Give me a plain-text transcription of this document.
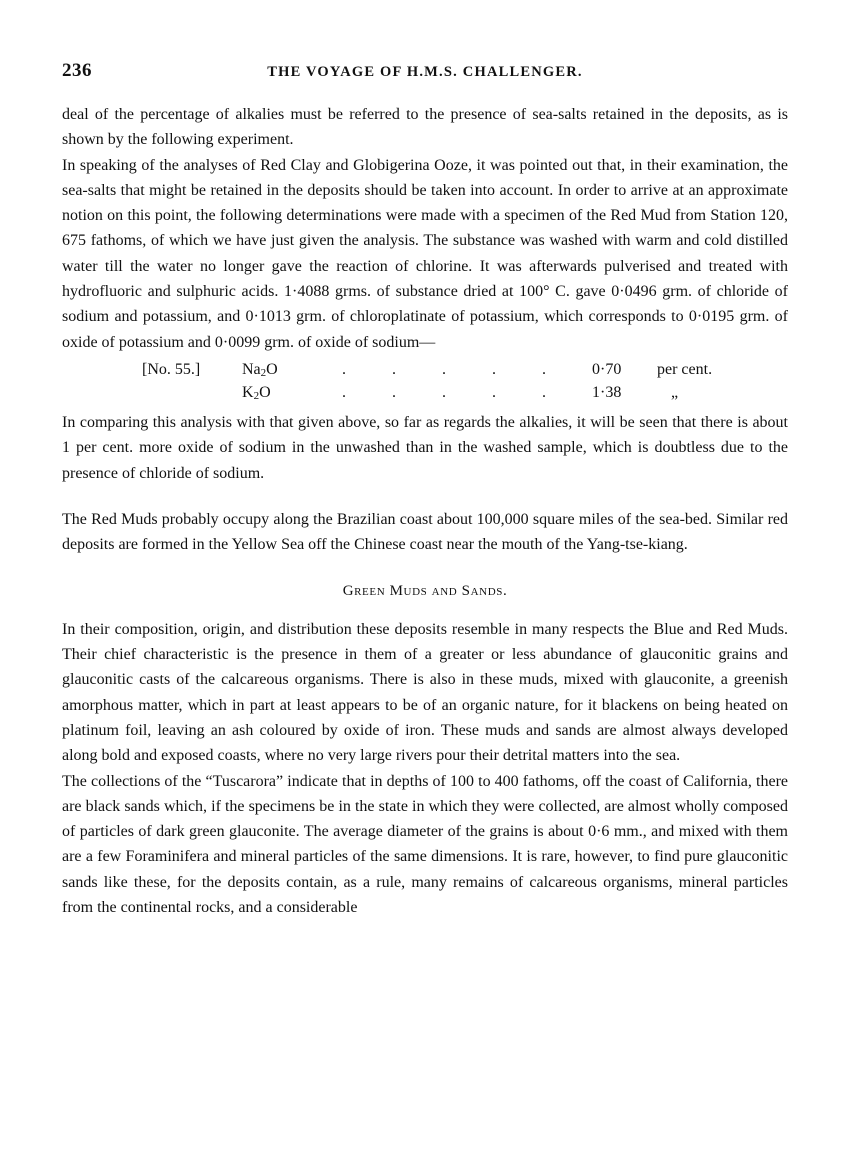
236	THE VOYAGE OF H.M.S. CHALLENGER.

deal of the percentage of alkalies must be referred to the presence of sea-salts retained in the deposits, as is shown by the following experiment.

In speaking of the analyses of Red Clay and Globigerina Ooze, it was pointed out that, in their examination, the sea-salts that might be retained in the deposits should be taken into account. In order to arrive at an approximate notion on this point, the following determinations were made with a specimen of the Red Mud from Station 120, 675 fathoms, of which we have just given the analysis. The substance was washed with warm and cold distilled water till the water no longer gave the reaction of chlorine. It was afterwards pulverised and treated with hydrofluoric and sulphuric acids. 1·4088 grms. of substance dried at 100° C. gave 0·0496 grm. of chloride of sodium and potassium, and 0·1013 grm. of chloroplatinate of potassium, which corresponds to 0·0195 grm. of oxide of potassium and 0·0099 grm. of oxide of sodium—

[No. 55.]	Na2O	..... 0·70	per cent.
K2O	..... 1·38	„

In comparing this analysis with that given above, so far as regards the alkalies, it will be seen that there is about 1 per cent. more oxide of sodium in the unwashed than in the washed sample, which is doubtless due to the presence of chloride of sodium.

The Red Muds probably occupy along the Brazilian coast about 100,000 square miles of the sea-bed. Similar red deposits are formed in the Yellow Sea off the Chinese coast near the mouth of the Yang-tse-kiang.

Green Muds and Sands.

In their composition, origin, and distribution these deposits resemble in many respects the Blue and Red Muds. Their chief characteristic is the presence in them of a greater or less abundance of glauconitic grains and glauconitic casts of the calcareous organisms. There is also in these muds, mixed with glauconite, a greenish amorphous matter, which in part at least appears to be of an organic nature, for it blackens on being heated on platinum foil, leaving an ash coloured by oxide of iron. These muds and sands are almost always developed along bold and exposed coasts, where no very large rivers pour their detrital matters into the sea.

The collections of the “Tuscarora” indicate that in depths of 100 to 400 fathoms, off the coast of California, there are black sands which, if the specimens be in the state in which they were collected, are almost wholly composed of particles of dark green glauconite. The average diameter of the grains is about 0·6 mm., and mixed with them are a few Foraminifera and mineral particles of the same dimensions. It is rare, however, to find pure glauconitic sands like these, for the deposits contain, as a rule, many remains of calcareous organisms, mineral particles from the continental rocks, and a considerable
